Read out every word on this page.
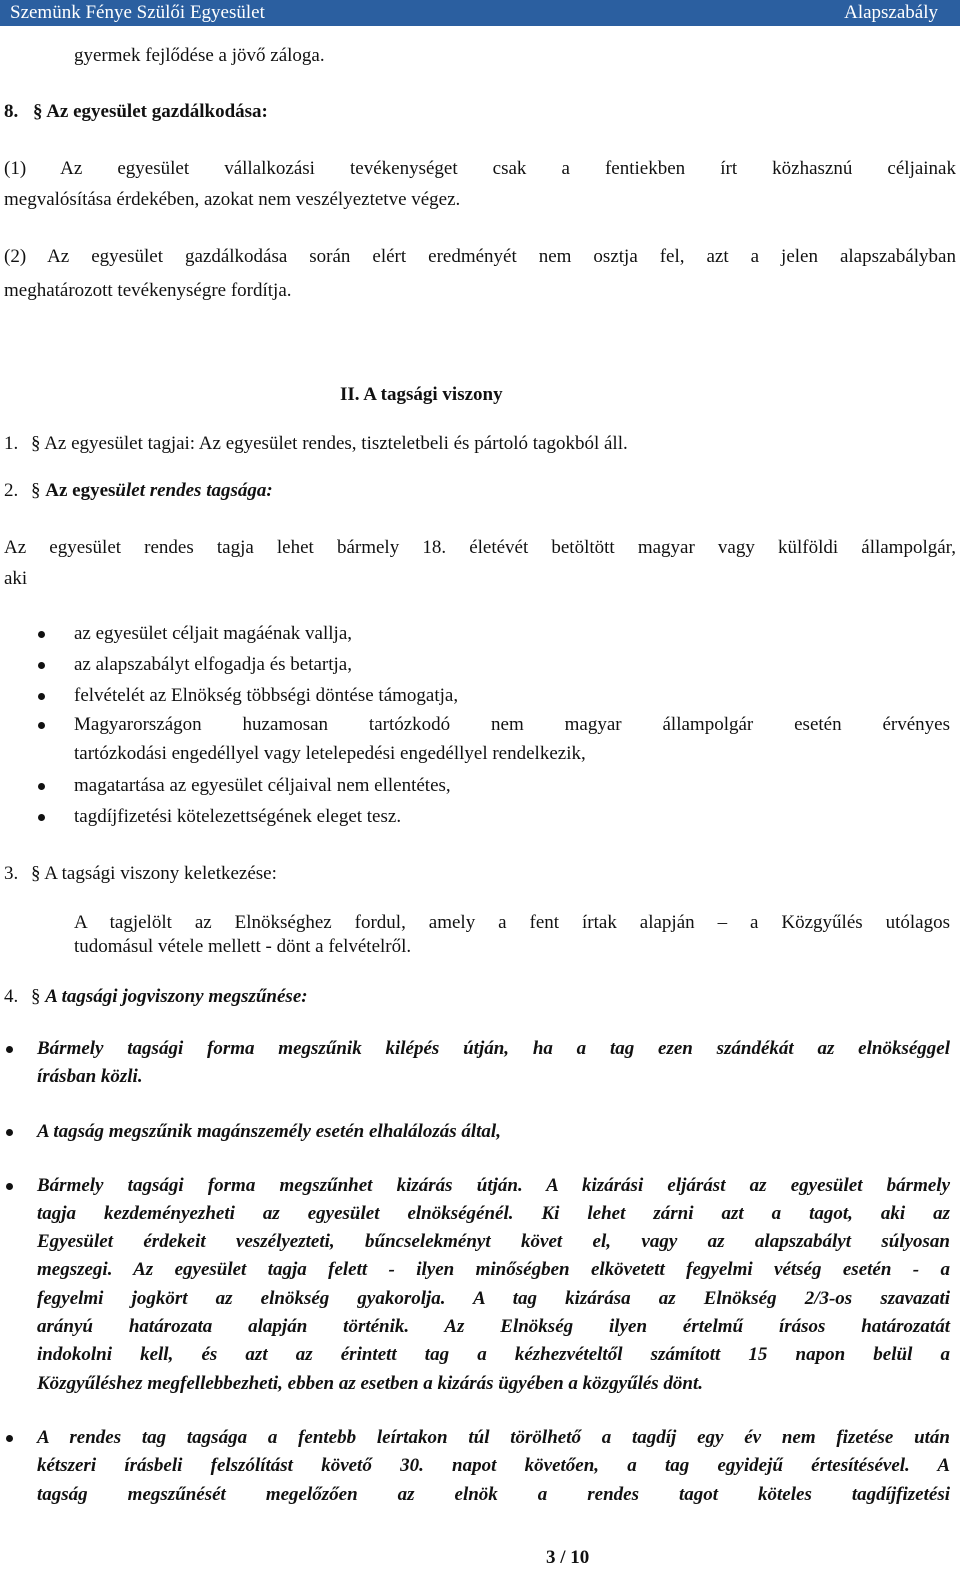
Szemünk Fénye Szülői Egyesület	Alapszabály
gyermek fejlődése a jövő záloga.
8. § Az egyesület gazdálkodása:
(1) Az egyesület vállalkozási tevékenységet csak a fentiekben írt közhasznú céljainak
megvalósítása érdekében, azokat nem veszélyeztetve végez.
(2) Az egyesület gazdálkodása során elért eredményét nem osztja fel, azt a jelen alapszabályban
meghatározott tevékenységre fordítja.
II. A tagsági viszony
1. § Az egyesület tagjai: Az egyesület rendes, tiszteletbeli és pártoló tagokból áll.
2. § Az egyesület rendes tagsága:
Az egyesület rendes tagja lehet bármely 18. életévét betöltött magyar vagy külföldi állampolgár,
aki
az egyesület céljait magáénak vallja,
az alapszabályt elfogadja és betartja,
felvételét az Elnökség többségi döntése támogatja,
Magyarországon huzamosan tartózkodó nem magyar állampolgár esetén érvényes
tartózkodási engedéllyel vagy letelepedési engedéllyel rendelkezik,
magatartása az egyesület céljaival nem ellentétes,
tagdíjfizetési kötelezettségének eleget tesz.
3. § A tagsági viszony keletkezése:
A tagjelölt az Elnökséghez fordul, amely a fent írtak alapján – a Közgyűlés utólagos
tudomásul vétele mellett - dönt a felvételről.
4. § A tagsági jogviszony megszűnése:
Bármely tagsági forma megszűnik kilépés útján, ha a tag ezen szándékát az elnökséggel
írásban közli.
A tagság megszűnik magánszemély esetén elhalálozás által,
Bármely tagsági forma megszűnhet kizárás útján. A kizárási eljárást az egyesület bármely
tagja kezdeményezheti az egyesület elnökségénél. Ki lehet zárni azt a tagot, aki az
Egyesület érdekeit veszélyezteti, bűncselekményt követ el, vagy az alapszabályt súlyosan
megszegi. Az egyesület tagja felett - ilyen minőségben elkövetett fegyelmi vétség esetén - a
fegyelmi jogkört az elnökség gyakorolja. A tag kizárása az Elnökség 2/3-os szavazati
arányú határozata alapján történik. Az Elnökség ilyen értelmű írásos határozatát
indokolni kell, és azt az érintett tag a kézhezvételtől számított 15 napon belül a
Közgyűléshez megfellebbezheti, ebben az esetben a kizárás ügyében a közgyűlés dönt.
A rendes tag tagsága a fentebb leírtakon túl törölhető a tagdíj egy év nem fizetése után
kétszeri írásbeli felszólítást követő 30. napot követően, a tag egyidejű értesítésével. A
tagság megszűnését megelőzően az elnök a rendes tagot köteles tagdíjfizetési
3 / 10
